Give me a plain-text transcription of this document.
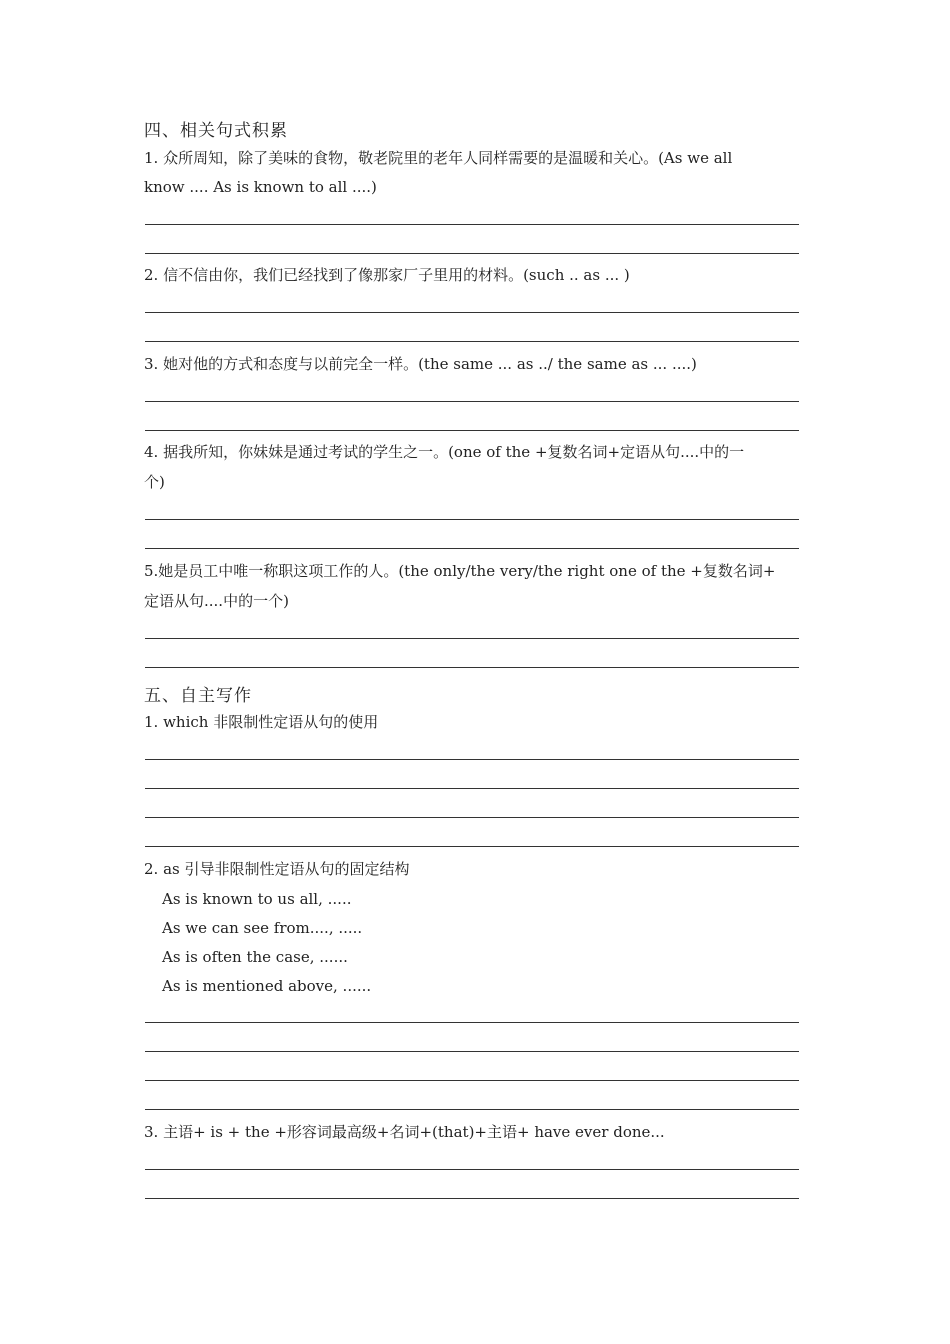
四、相关句式积累
1. 众所周知，除了美味的食物，敬老院里的老年人同样需要的是温暖和关心。(As we all
know .... As is known to all ....)
2. 信不信由你，我们已经找到了像那家厂子里用的材料。(such .. as ... )
3. 她对他的方式和态度与以前完全一样。(the same ... as ../ the same as ... ....)
4. 据我所知，你妹妹是通过考试的学生之一。(one of the +复数名词+定语从句....中的一
个)
5.她是员工中唯一称职这项工作的人。(the only/the very/the right one of the +复数名词+
定语从句....中的一个)
五、自主写作
1. which 非限制性定语从句的使用
2. as 引导非限制性定语从句的固定结构
As is known to us all, .....
As we can see from...., .....
As is often the case, ......
As is mentioned above, ......
3. 主语+ is + the +形容词最高级+名词+(that)+主语+ have ever done...
